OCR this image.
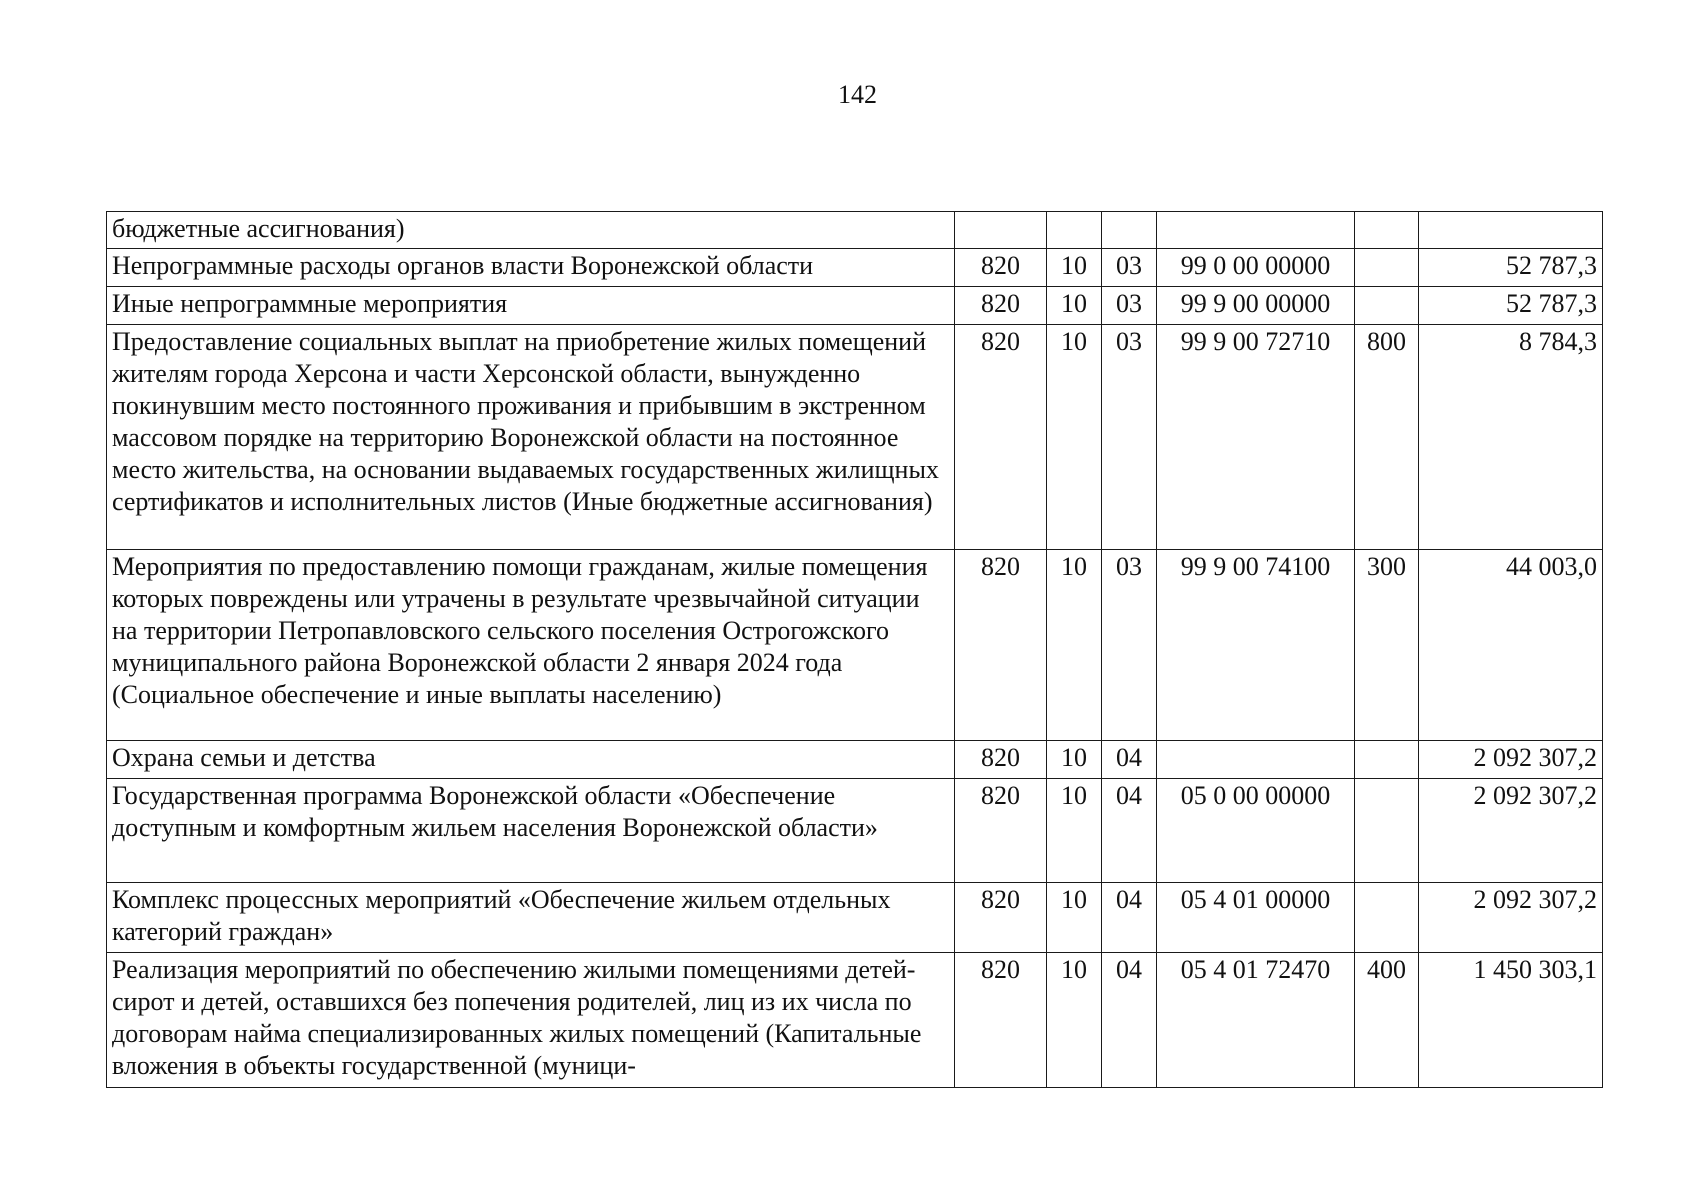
142
бюджетные ассигнования)						
Непрограммные расходы органов власти Воронежской области	820	10	03	99 0 00 00000		52 787,3
Иные непрограммные мероприятия	820	10	03	99 9 00 00000		52 787,3
Предоставление социальных выплат на приобретение жилых помещений жителям города Херсона и части Херсонской области, вынужденно покинувшим место постоянного проживания и прибывшим в экстренном массовом порядке на территорию Воронежской области на постоянное место жительства, на основании выдаваемых государственных жилищных сертификатов и исполнительных листов (Иные бюджетные ассигнования)	820	10	03	99 9 00 72710	800	8 784,3
Мероприятия по предоставлению помощи гражданам, жилые помещения которых повреждены или утрачены в результате чрезвычайной ситуации на территории Петропавловского сельского поселения Острогожского муниципального района Воронежской области 2 января 2024 года (Социальное обеспечение и иные выплаты населению)	820	10	03	99 9 00 74100	300	44 003,0
Охрана семьи и детства	820	10	04			2 092 307,2
Государственная программа Воронежской области «Обеспечение доступным и комфортным жильем населения Воронежской области»	820	10	04	05 0 00 00000		2 092 307,2
Комплекс процессных мероприятий «Обеспечение жильем отдельных категорий граждан»	820	10	04	05 4 01 00000		2 092 307,2
Реализация мероприятий по обеспечению жилыми помещениями детей-сирот и детей, оставшихся без попечения родителей, лиц из их числа по договорам найма специализированных жилых помещений (Капитальные вложения в объекты государственной (муници-	820	10	04	05 4 01 72470	400	1 450 303,1
